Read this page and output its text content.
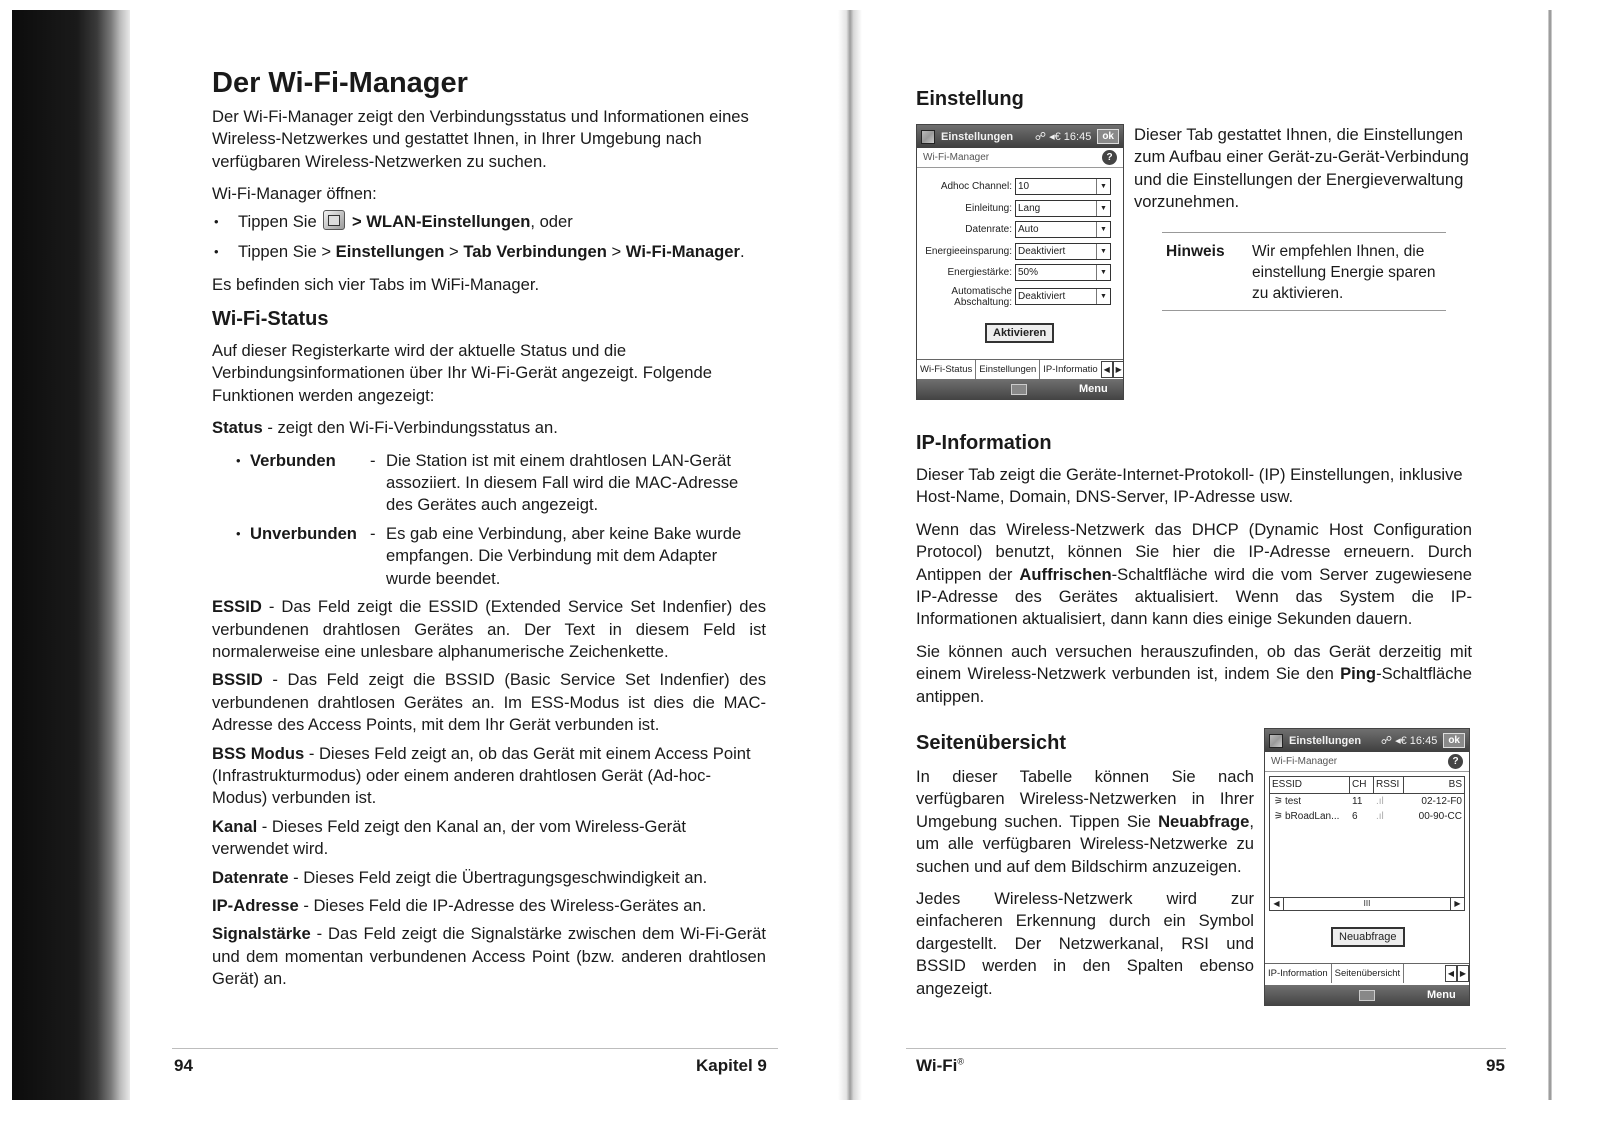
Der Wi-Fi-Manager

Der Wi-Fi-Manager zeigt den Verbindungsstatus und Informationen eines Wireless-Netzwerkes und gestattet Ihnen, in Ihrer Umgebung nach verfügbaren Wireless-Netzwerken zu suchen.

Wi-Fi-Manager öffnen:

• Tippen Sie > WLAN-Einstellungen, oder
• Tippen Sie > Einstellungen > Tab Verbindungen > Wi-Fi-Manager.

Es befinden sich vier Tabs im WiFi-Manager.

Wi-Fi-Status

Auf dieser Registerkarte wird der aktuelle Status und die Verbindungsinformationen über Ihr Wi-Fi-Gerät angezeigt. Folgende Funktionen werden angezeigt:

Status - zeigt den Wi-Fi-Verbindungsstatus an.

• Verbunden	- Die Station ist mit einem drahtlosen LAN-Gerät assoziiert. In diesem Fall wird die MAC-Adresse des Gerätes auch angezeigt.
• Unverbunden - Es gab eine Verbindung, aber keine Bake wurde empfangen. Die Verbindung mit dem Adapter wurde beendet.

ESSID - Das Feld zeigt die ESSID (Extended Service Set Indenfier) des verbundenen drahtlosen Gerätes an. Der Text in diesem Feld ist normalerweise eine unlesbare alphanumerische Zeichenkette.

BSSID - Das Feld zeigt die BSSID (Basic Service Set Indenfier) des verbundenen drahtlosen Gerätes an. Im ESS-Modus ist dies die MAC-Adresse des Access Points, mit dem Ihr Gerät verbunden ist.

BSS Modus - Dieses Feld zeigt an, ob das Gerät mit einem Access Point (Infrastrukturmodus) oder einem anderen drahtlosen Gerät (Ad-hoc-Modus) verbunden ist.

Kanal - Dieses Feld zeigt den Kanal an, der vom Wireless-Gerät verwendet wird.

Datenrate - Dieses Feld zeigt die Übertragungsgeschwindigkeit an.

IP-Adresse - Dieses Feld die IP-Adresse des Wireless-Gerätes an.

Signalstärke - Das Feld zeigt die Signalstärke zwischen dem Wi-Fi-Gerät und dem momentan verbundenen Access Point (bzw. anderen drahtlosen Gerät) an.

94	Kapitel 9
Einstellung
Einstellungen	☍ ◂€ 16:45	ok
Wi-Fi-Manager	?
Adhoc Channel: 10	▼
Einleitung: Lang	▼
Datenrate: Auto	▼
Energieeinsparung: Deaktiviert	▼
Energiestärke: 50%	▼
Automatische Abschaltung: Deaktiviert	▼
Aktivieren
Wi-Fi-Status Einstellungen IP-Informatio ◀ ▶
Menu

Dieser Tab gestattet Ihnen, die Einstellungen zum Aufbau einer Gerät-zu-Gerät-Verbindung und die Einstellungen der Energieverwaltung vorzunehmen.

Hinweis	Wir empfehlen Ihnen, die einstellung Energie sparen zu aktivieren.
IP-Information

Dieser Tab zeigt die Geräte-Internet-Protokoll- (IP) Einstellungen, inklusive Host-Name, Domain, DNS-Server, IP-Adresse usw.

Wenn das Wireless-Netzwerk das DHCP (Dynamic Host Configuration Protocol) benutzt, können Sie hier die IP-Adresse erneuern. Durch Antippen der Auffrischen-Schaltfläche wird die vom Server zugewiesene IP-Adresse des Gerätes aktualisiert. Wenn das System die IP-Informationen aktualisiert, dann kann dies einige Sekunden dauern.

Sie können auch versuchen herauszufinden, ob das Gerät derzeitig mit einem Wireless-Netzwerk verbunden ist, indem Sie den Ping-Schaltfläche antippen.

Seitenübersicht

In dieser Tabelle können Sie nach verfügbaren Wireless-Netzwerken in Ihrer Umgebung suchen. Tippen Sie Neuabfrage, um alle verfügbaren Wireless-Netzwerke zu suchen und auf dem Bildschirm anzuzeigen.

Jedes Wireless-Netzwerk wird zur einfacheren Erkennung durch ein Symbol dargestellt. Der Netzwerkanal, RSI und BSSID werden in den Spalten ebenso angezeigt.

Einstellungen	☍ ◂€ 16:45	ok
Wi-Fi-Manager	?
ESSID	CH RSSI	BS
⚞ test	11	.ıl	02-12-F0
⚞ bRoadLan...	6	.ıl	00-90-CC
◀	III	▶
Neuabfrage
IP-Information Seitenübersicht	◀ ▶
Menu
Wi-Fi®	95
